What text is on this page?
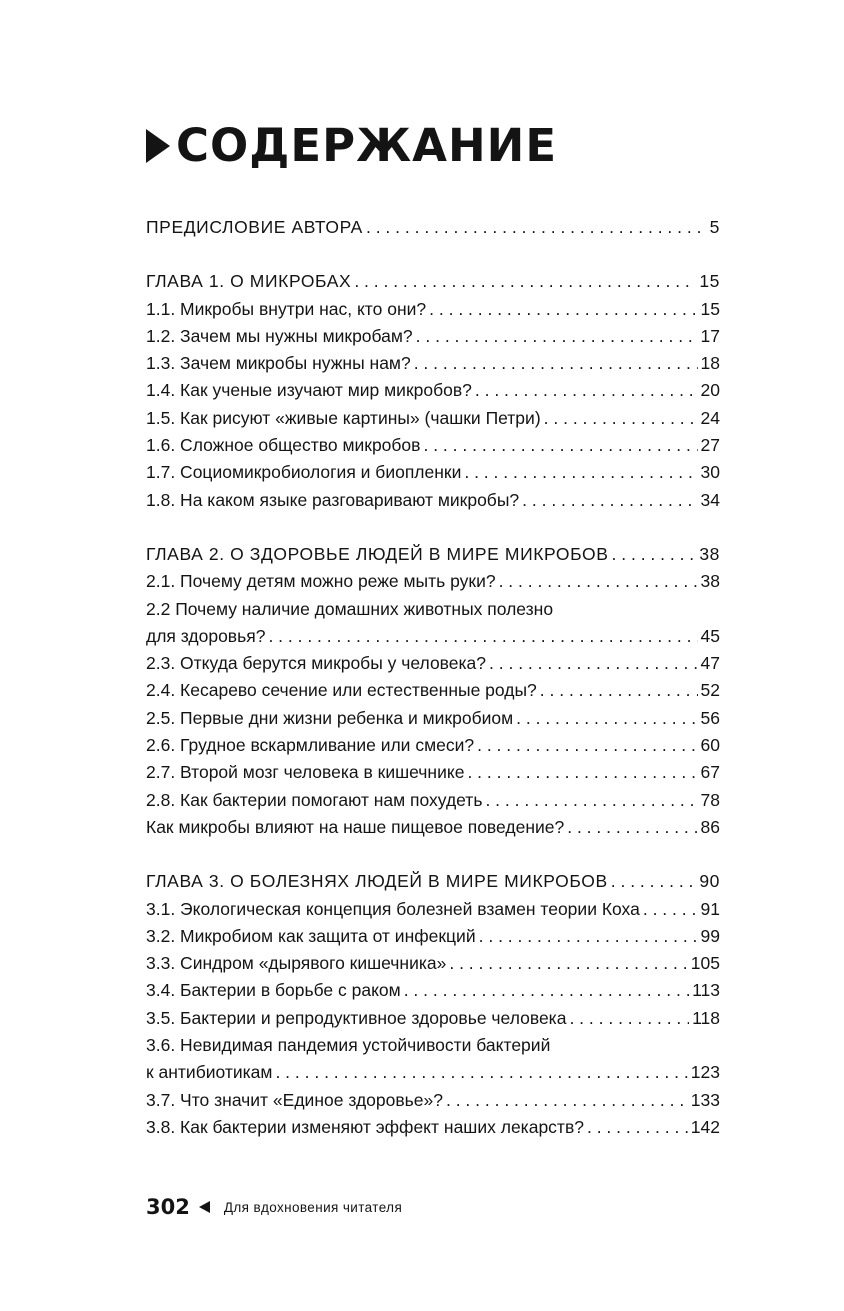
СОДЕРЖАНИЕ
ПРЕДИСЛОВИЕ АВТОРА . . .	5
ГЛАВА 1. О МИКРОБАХ . . .	15
1.1. Микробы внутри нас, кто они? . . .	15
1.2. Зачем мы нужны микробам? . . .	17
1.3. Зачем микробы нужны нам? . . .	18
1.4. Как ученые изучают мир микробов? . . .	20
1.5. Как рисуют «живые картины» (чашки Петри) . . .	24
1.6. Сложное общество микробов . . .	27
1.7. Социомикробиология и биопленки . . .	30
1.8. На каком языке разговаривают микробы? . . .	34
ГЛАВА 2. О ЗДОРОВЬЕ ЛЮДЕЙ В МИРЕ МИКРОБОВ . . .	38
2.1. Почему детям можно реже мыть руки? . . .	38
2.2 Почему наличие домашних животных полезно
для здоровья? . . .	45
2.3. Откуда берутся микробы у человека? . . .	47
2.4. Кесарево сечение или естественные роды? . . .	52
2.5. Первые дни жизни ребенка и микробиом . . .	56
2.6. Грудное вскармливание или смеси? . . .	60
2.7. Второй мозг человека в кишечнике . . .	67
2.8. Как бактерии помогают нам похудеть . . .	78
Как микробы влияют на наше пищевое поведение? . . .	86
ГЛАВА 3. О БОЛЕЗНЯХ ЛЮДЕЙ В МИРЕ МИКРОБОВ . . .	90
3.1. Экологическая концепция болезней взамен теории Коха . . .	91
3.2. Микробиом как защита от инфекций . . .	99
3.3. Синдром «дырявого кишечника» . . .	105
3.4. Бактерии в борьбе с раком . . .	113
3.5. Бактерии и репродуктивное здоровье человека . . .	118
3.6. Невидимая пандемия устойчивости бактерий
к антибиотикам . . .	123
3.7. Что значит «Единое здоровье»? . . .	133
3.8. Как бактерии изменяют эффект наших лекарств? . . .	142
302	Для вдохновения читателя
